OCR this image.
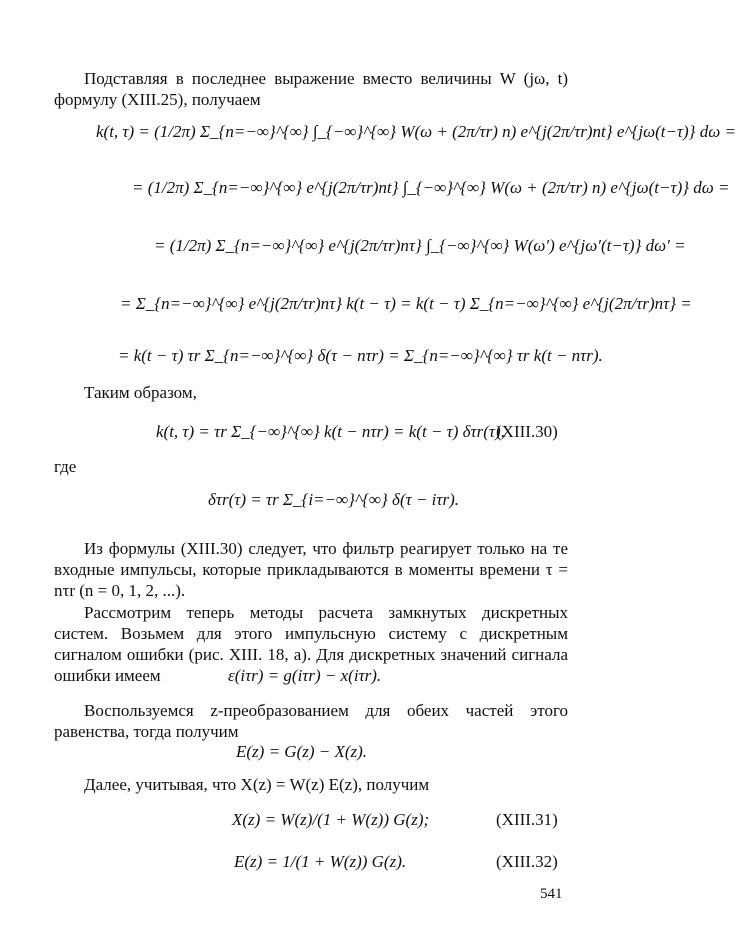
Подставляя в последнее выражение вместо величины W (jω, t) формулу (XIII.25), получаем

k(t, τ) = (1/2π) Σ_{n=−∞}^{∞} ∫_{−∞}^{∞} W(ω + (2π/τr) n) e^{j(2π/τr)nt} e^{jω(t−τ)} dω =
= (1/2π) Σ_{n=−∞}^{∞} e^{j(2π/τr)nt} ∫_{−∞}^{∞} W(ω + (2π/τr) n) e^{jω(t−τ)} dω =
= (1/2π) Σ_{n=−∞}^{∞} e^{j(2π/τr)nτ} ∫_{−∞}^{∞} W(ω′) e^{jω′(t−τ)} dω′ =
= Σ_{n=−∞}^{∞} e^{j(2π/τr)nτ} k(t − τ) = k(t − τ) Σ_{n=−∞}^{∞} e^{j(2π/τr)nτ} =
= k(t − τ) τr Σ_{n=−∞}^{∞} δ(τ − nτr) = Σ_{n=−∞}^{∞} τr k(t − nτr).

Таким образом,

k(t, τ) = τr Σ_{−∞}^{∞} k(t − nτr) = k(t − τ) δτr(τ),
(XIII.30)

где

δτr(τ) = τr Σ_{i=−∞}^{∞} δ(τ − iτr).

Из формулы (XIII.30) следует, что фильтр реагирует только на те входные импульсы, которые прикладываются в моменты времени τ = nτr (n = 0, 1, 2, ...).

Рассмотрим теперь методы расчета замкнутых дискретных систем. Возьмем для этого импульсную систему с дискретным сигналом ошибки (рис. XIII. 18, а). Для дискретных значений сигнала ошибки имеем	ε(iτr) = g(iτr) − x(iτr).

Воспользуемся z-преобразованием для обеих частей этого равенства, тогда получим

E(z) = G(z) − X(z).

Далее, учитывая, что X(z) = W(z) E(z), получим

X(z) = W(z)/(1 + W(z)) G(z);	(XIII.31)
E(z) = 1/(1 + W(z)) G(z).	(XIII.32)
541
